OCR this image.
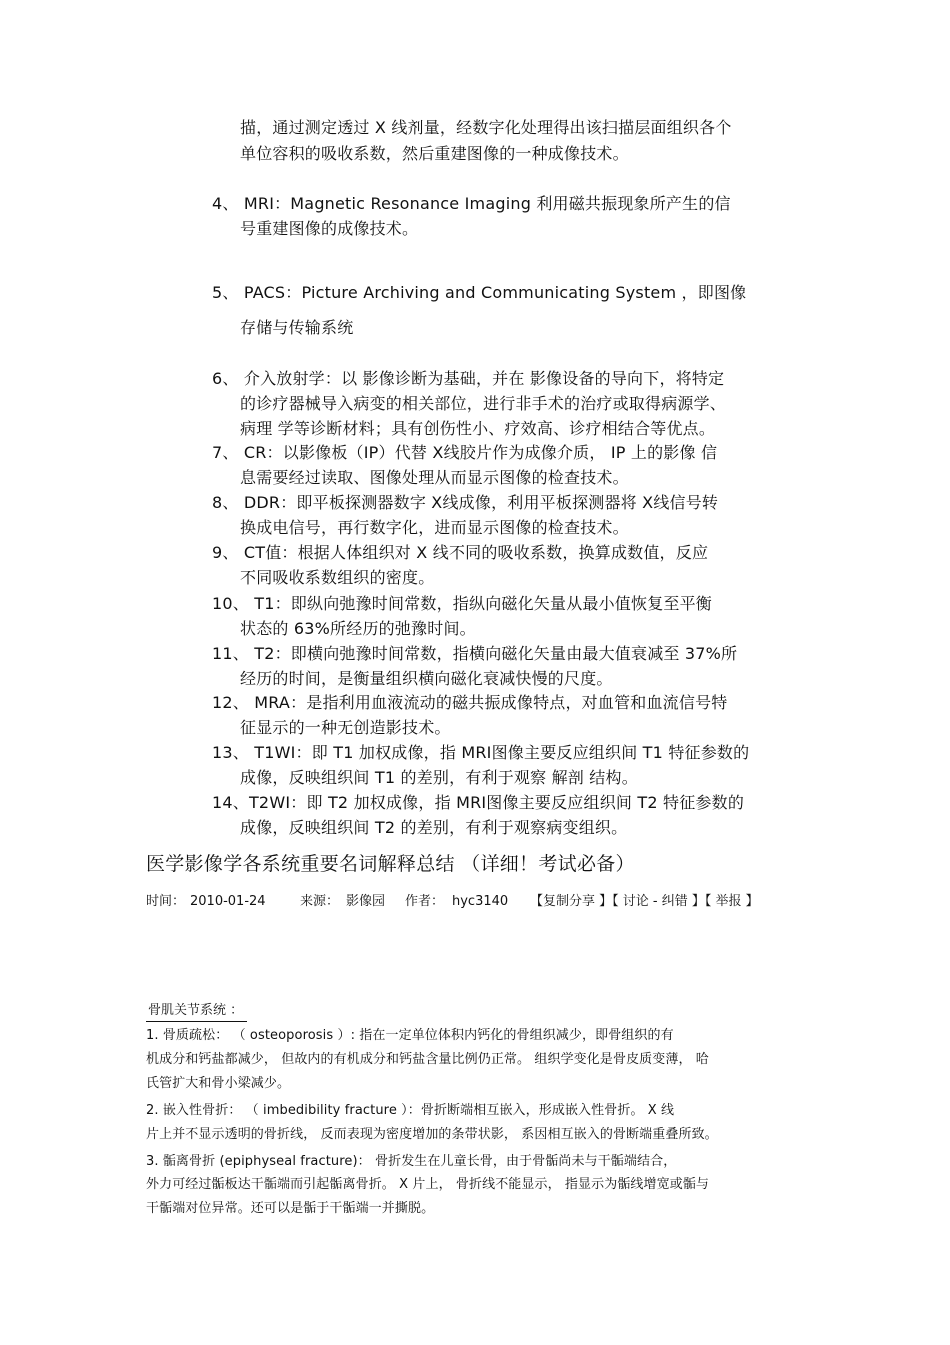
描，通过测定透过 X 线剂量，经数字化处理得出该扫描层面组织各个
单位容积的吸收系数，然后重建图像的一种成像技术。
4、 MRI：Magnetic Resonance Imaging 利用磁共振现象所产生的信
号重建图像的成像技术。
5、 PACS：Picture Archiving and Communicating System ，即图像
存储与传输系统
6、 介入放射学：以 影像诊断为基础，并在 影像设备的导向下，将特定
的诊疗器械导入病变的相关部位，进行非手术的治疗或取得病源学、
病理 学等诊断材料；具有创伤性小、疗效高、诊疗相结合等优点。
7、 CR：以影像板（IP）代替 X线胶片作为成像介质， IP 上的影像 信
息需要经过读取、图像处理从而显示图像的检查技术。
8、 DDR：即平板探测器数字 X线成像，利用平板探测器将 X线信号转
换成电信号，再行数字化，进而显示图像的检查技术。
9、 CT值：根据人体组织对 X 线不同的吸收系数，换算成数值，反应
不同吸收系数组织的密度。
10、 T1：即纵向弛豫时间常数，指纵向磁化矢量从最小值恢复至平衡
状态的 63%所经历的弛豫时间。
11、 T2：即横向弛豫时间常数，指横向磁化矢量由最大值衰减至 37%所
经历的时间，是衡量组织横向磁化衰减快慢的尺度。
12、 MRA：是指利用血液流动的磁共振成像特点，对血管和血流信号特
征显示的一种无创造影技术。
13、 T1WI：即 T1 加权成像，指 MRI图像主要反应组织间 T1 特征参数的
成像，反映组织间 T1 的差别，有利于观察 解剖 结构。
14、T2WI：即 T2 加权成像，指 MRI图像主要反应组织间 T2 特征参数的
成像，反映组织间 T2 的差别，有利于观察病变组织。
医学影像学各系统重要名词解释总结 （详细！考试必备）
时间： 2010-01-24	来源： 影像园 作者： hyc3140 【复制分享 】【 讨论 - 纠错 】【 举报 】
骨肌关节系统 ：
1. 骨质疏松： （ osteoporosis ）: 指在一定单位体积内钙化的骨组织减少，即骨组织的有
机成分和钙盐都减少， 但故内的有机成分和钙盐含量比例仍正常。 组织学变化是骨皮质变薄， 哈
氏管扩大和骨小梁减少。
2. 嵌入性骨折： （ imbedibility fracture ）：骨折断端相互嵌入，形成嵌入性骨折。 X 线
片上并不显示透明的骨折线， 反而表现为密度增加的条带状影， 系因相互嵌入的骨断端重叠所致。
3. 骺离骨折 (epiphyseal fracture)： 骨折发生在儿童长骨，由于骨骺尚未与干骺端结合，
外力可经过骺板达干骺端而引起骺离骨折。 X 片上， 骨折线不能显示， 指显示为骺线增宽或骺与
干骺端对位异常。还可以是骺于干骺端一并撕脱。
